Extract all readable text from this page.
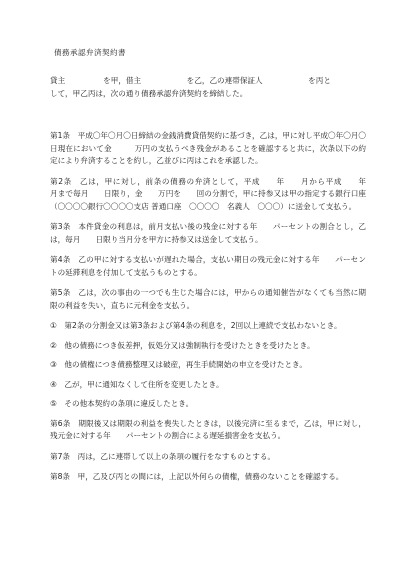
債務承認弁済契約書

貸主　　　　　を甲，借主　　　　　　を乙，乙の連帯保証人　　　　　　を丙と
して，甲乙丙は，次の通り債務承認弁済契約を締結した。

第1条　平成〇年〇月〇日締結の金銭消費貸借契約に基づき，乙は，甲に対し平成〇年〇月〇日現在において金　　　万円の支払うべき残金があることを確認すると共に，次条以下の約定により弁済することを約し，乙並びに丙はこれを承認した。

第2条　乙は，甲に対し，前条の債務の弁済として，平成　　年　　月から平成　　年　　月まで毎月　　日限り，金　　万円を　　回の分割で，甲に持参又は甲の指定する銀行口座（〇〇〇〇銀行〇〇〇〇支店 普通口座　〇〇〇〇　名義人　〇〇〇）に送金して支払う。

第3条　本件貸金の利息は，前月支払い後の残金に対する年　　パーセントの割合とし，乙は，毎月　　日限り当月分を甲方に持参又は送金して支払う。

第4条　乙の甲に対する支払いが遅れた場合，支払い期日の残元金に対する年　　パーセントの延滞利息を付加して支払うものとする。

第5条　乙は，次の事由の一つでも生じた場合には，甲からの通知催告がなくても当然に期限の利益を失い，直ちに元利金を支払う。

①　第2条の分割金又は第3条および第4条の利息を，2回以上連続で支払わないとき。

②　他の債務につき仮差押，仮処分又は強制執行を受けたときを受けたとき。

③　他の債権につき債務整理又は破産，再生手続開始の申立を受けたとき。

④　乙が，甲に通知なくして住所を変更したとき。

⑤　その他本契約の条項に違反したとき。

第6条　期限後又は期限の利益を喪失したときは，以後完済に至るまで，乙は，甲に対し，残元金に対する年　　パーセントの割合による遅延損害金を支払う。

第7条　丙は，乙に連帯して以上の条項の履行をなすものとする。

第8条　甲，乙及び丙との間には，上記以外何らの債権，債務のないことを確認する。
